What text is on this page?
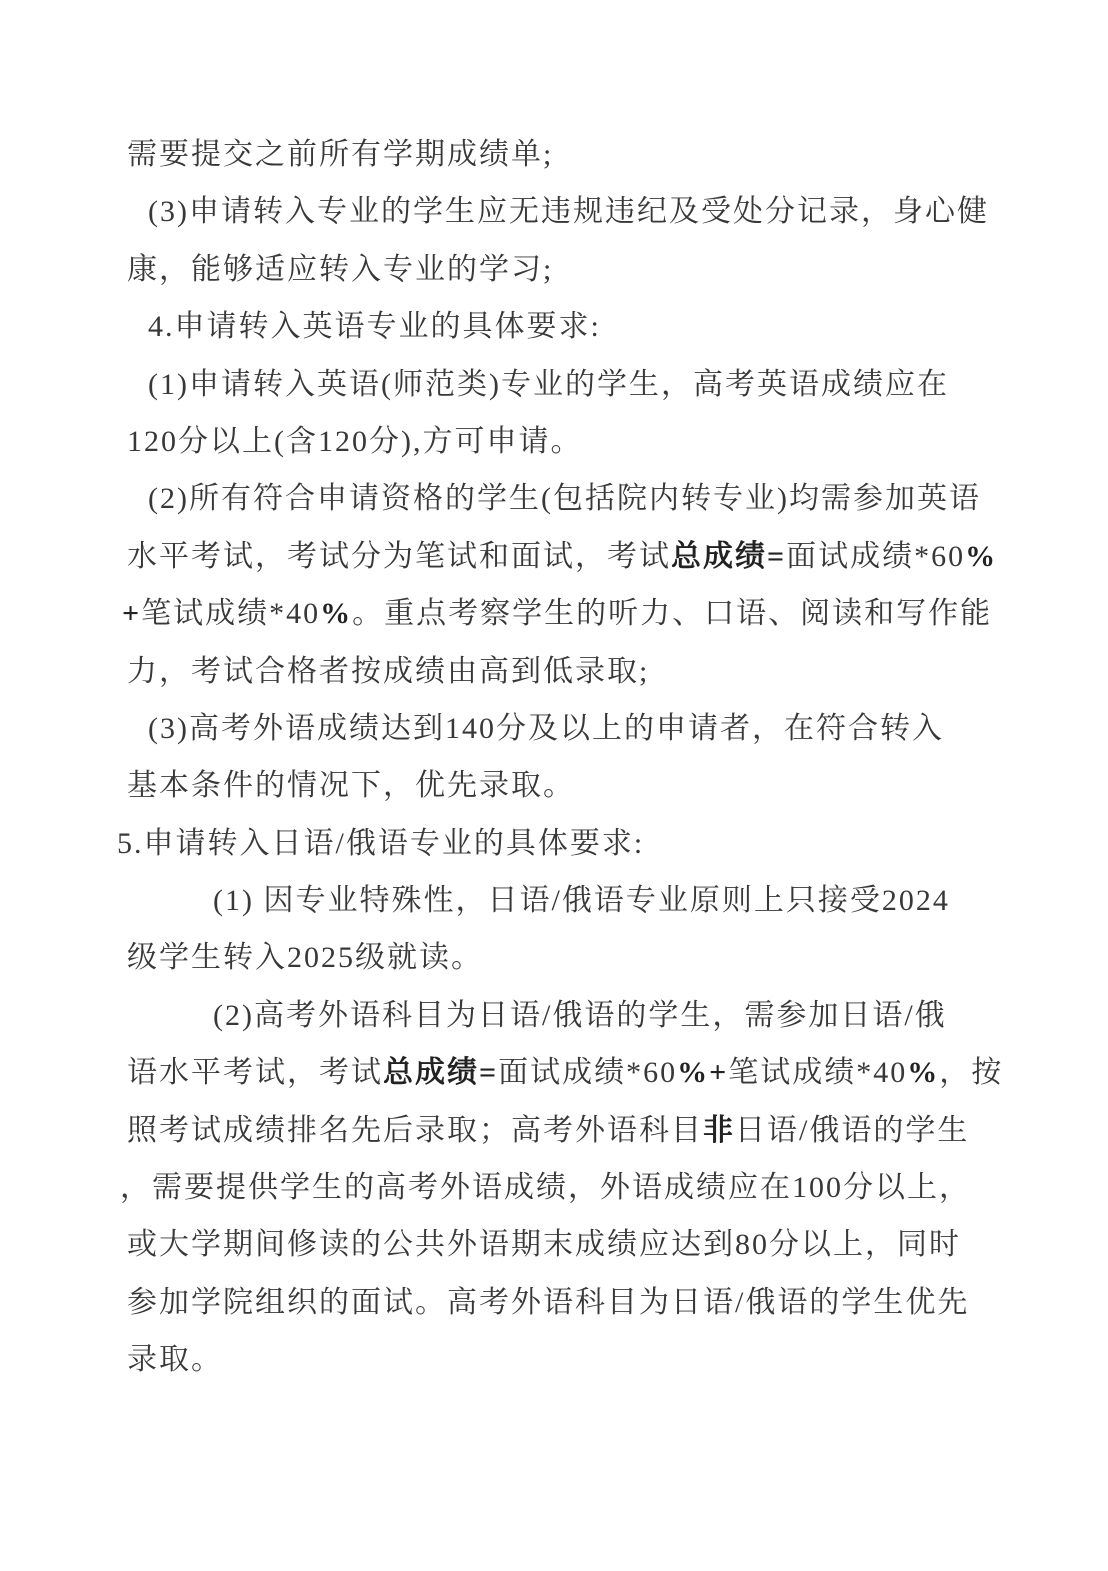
需要提交之前所有学期成绩单;
(3)申请转入专业的学生应无违规违纪及受处分记录，身心健
康，能够适应转入专业的学习;
4.申请转入英语专业的具体要求:
(1)申请转入英语(师范类)专业的学生，高考英语成绩应在
120分以上(含120分),方可申请。
(2)所有符合申请资格的学生(包括院内转专业)均需参加英语
水平考试，考试分为笔试和面试，考试总成绩=面试成绩*60%
+笔试成绩*40%。重点考察学生的听力、口语、阅读和写作能
力，考试合格者按成绩由高到低录取;
(3)高考外语成绩达到140分及以上的申请者，在符合转入
基本条件的情况下，优先录取。
5.申请转入日语/俄语专业的具体要求:
(1) 因专业特殊性，日语/俄语专业原则上只接受2024
级学生转入2025级就读。
(2)高考外语科目为日语/俄语的学生，需参加日语/俄
语水平考试，考试总成绩=面试成绩*60%+笔试成绩*40%，按
照考试成绩排名先后录取；高考外语科目非日语/俄语的学生
，需要提供学生的高考外语成绩，外语成绩应在100分以上，
或大学期间修读的公共外语期末成绩应达到80分以上，同时
参加学院组织的面试。高考外语科目为日语/俄语的学生优先
录取。
